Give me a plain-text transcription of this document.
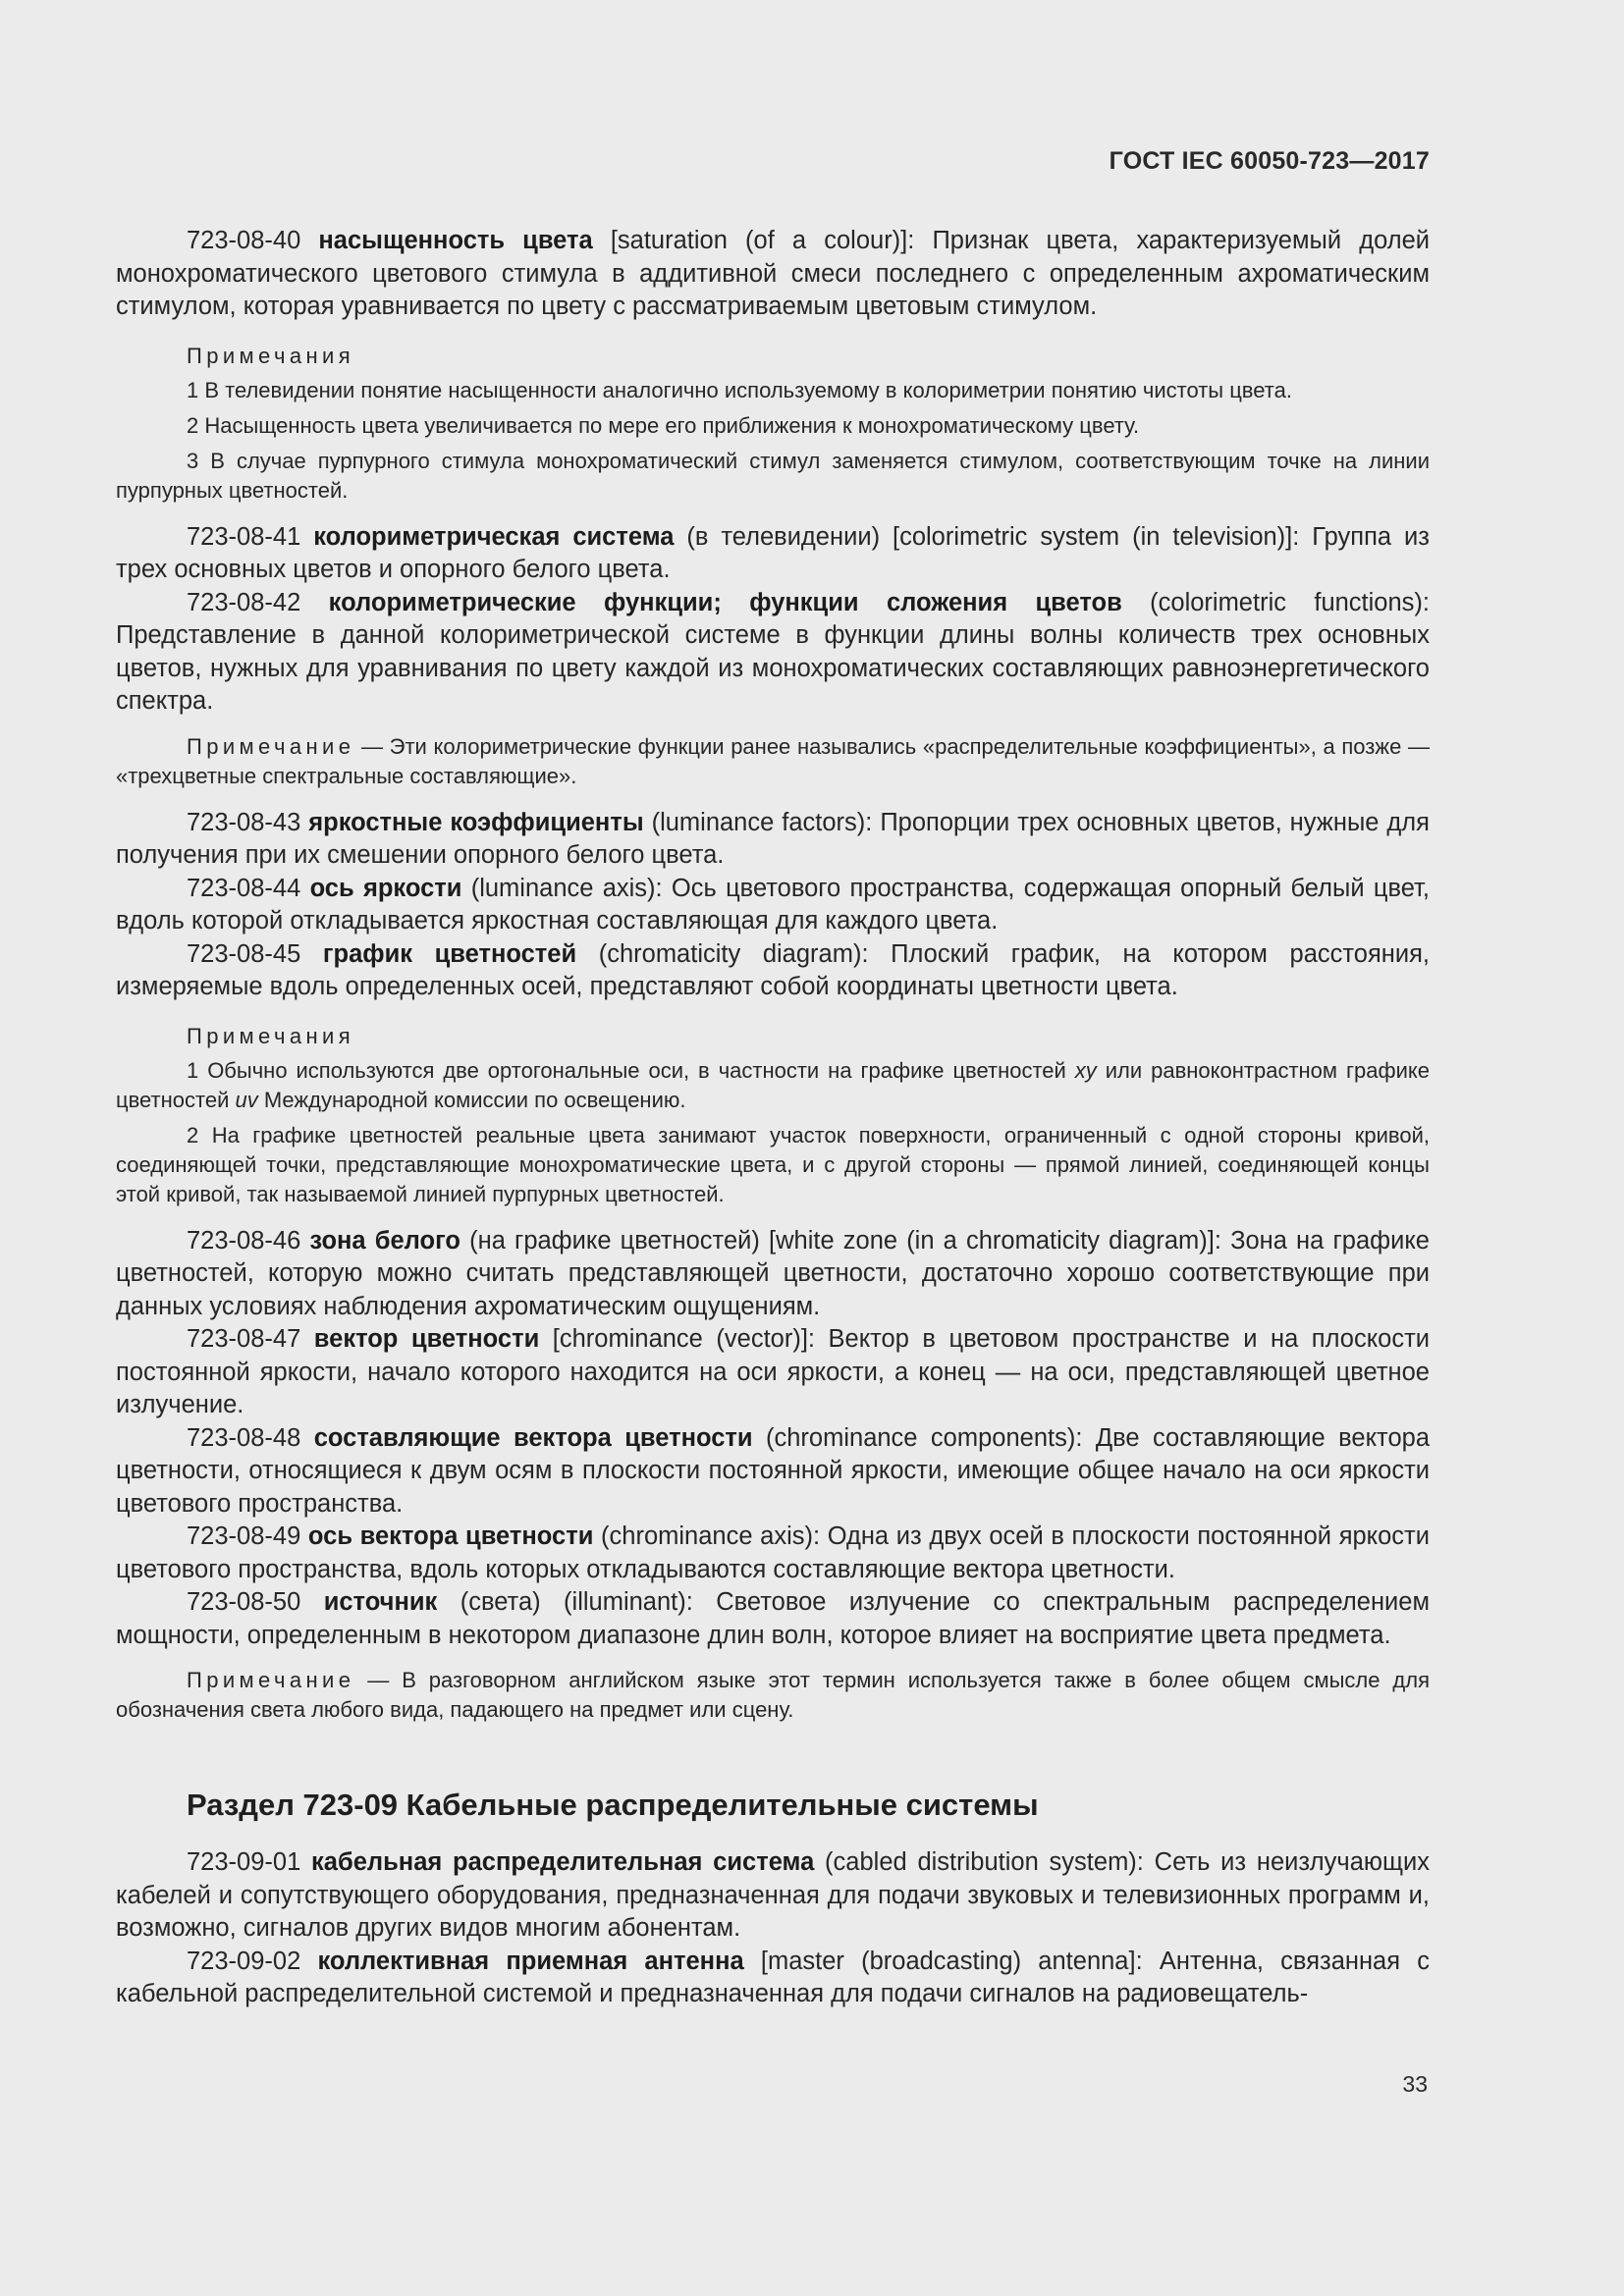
ГОСТ IEC 60050-723—2017

723-08-40 насыщенность цвета [saturation (of a colour)]: Признак цвета, характеризуемый долей монохроматического цветового стимула в аддитивной смеси последнего с определенным ахроматическим стимулом, которая уравнивается по цвету с рассматриваемым цветовым стимулом.

Примечания

1 В телевидении понятие насыщенности аналогично используемому в колориметрии понятию чистоты цвета.

2 Насыщенность цвета увеличивается по мере его приближения к монохроматическому цвету.

3 В случае пурпурного стимула монохроматический стимул заменяется стимулом, соответствующим точке на линии пурпурных цветностей.

723-08-41 колориметрическая система (в телевидении) [colorimetric system (in television)]: Группа из трех основных цветов и опорного белого цвета.

723-08-42 колориметрические функции; функции сложения цветов (colorimetric functions): Представление в данной колориметрической системе в функции длины волны количеств трех основных цветов, нужных для уравнивания по цвету каждой из монохроматических составляющих равноэнергетического спектра.

Примечание — Эти колориметрические функции ранее назывались «распределительные коэффициенты», а позже — «трехцветные спектральные составляющие».

723-08-43 яркостные коэффициенты (luminance factors): Пропорции трех основных цветов, нужные для получения при их смешении опорного белого цвета.

723-08-44 ось яркости (luminance axis): Ось цветового пространства, содержащая опорный белый цвет, вдоль которой откладывается яркостная составляющая для каждого цвета.

723-08-45 график цветностей (chromaticity diagram): Плоский график, на котором расстояния, измеряемые вдоль определенных осей, представляют собой координаты цветности цвета.

Примечания

1 Обычно используются две ортогональные оси, в частности на графике цветностей xy или равноконтрастном графике цветностей uv Международной комиссии по освещению.

2 На графике цветностей реальные цвета занимают участок поверхности, ограниченный с одной стороны кривой, соединяющей точки, представляющие монохроматические цвета, и с другой стороны — прямой линией, соединяющей концы этой кривой, так называемой линией пурпурных цветностей.

723-08-46 зона белого (на графике цветностей) [white zone (in a chromaticity diagram)]: Зона на графике цветностей, которую можно считать представляющей цветности, достаточно хорошо соответствующие при данных условиях наблюдения ахроматическим ощущениям.

723-08-47 вектор цветности [chrominance (vector)]: Вектор в цветовом пространстве и на плоскости постоянной яркости, начало которого находится на оси яркости, а конец — на оси, представляющей цветное излучение.

723-08-48 составляющие вектора цветности (chrominance components): Две составляющие вектора цветности, относящиеся к двум осям в плоскости постоянной яркости, имеющие общее начало на оси яркости цветового пространства.

723-08-49 ось вектора цветности (chrominance axis): Одна из двух осей в плоскости постоянной яркости цветового пространства, вдоль которых откладываются составляющие вектора цветности.

723-08-50 источник (света) (illuminant): Световое излучение со спектральным распределением мощности, определенным в некотором диапазоне длин волн, которое влияет на восприятие цвета предмета.

Примечание — В разговорном английском языке этот термин используется также в более общем смысле для обозначения света любого вида, падающего на предмет или сцену.

Раздел 723-09 Кабельные распределительные системы

723-09-01 кабельная распределительная система (cabled distribution system): Сеть из неизлучающих кабелей и сопутствующего оборудования, предназначенная для подачи звуковых и телевизионных программ и, возможно, сигналов других видов многим абонентам.

723-09-02 коллективная приемная антенна [master (broadcasting) antenna]: Антенна, связанная с кабельной распределительной системой и предназначенная для подачи сигналов на радиовещатель-

33
